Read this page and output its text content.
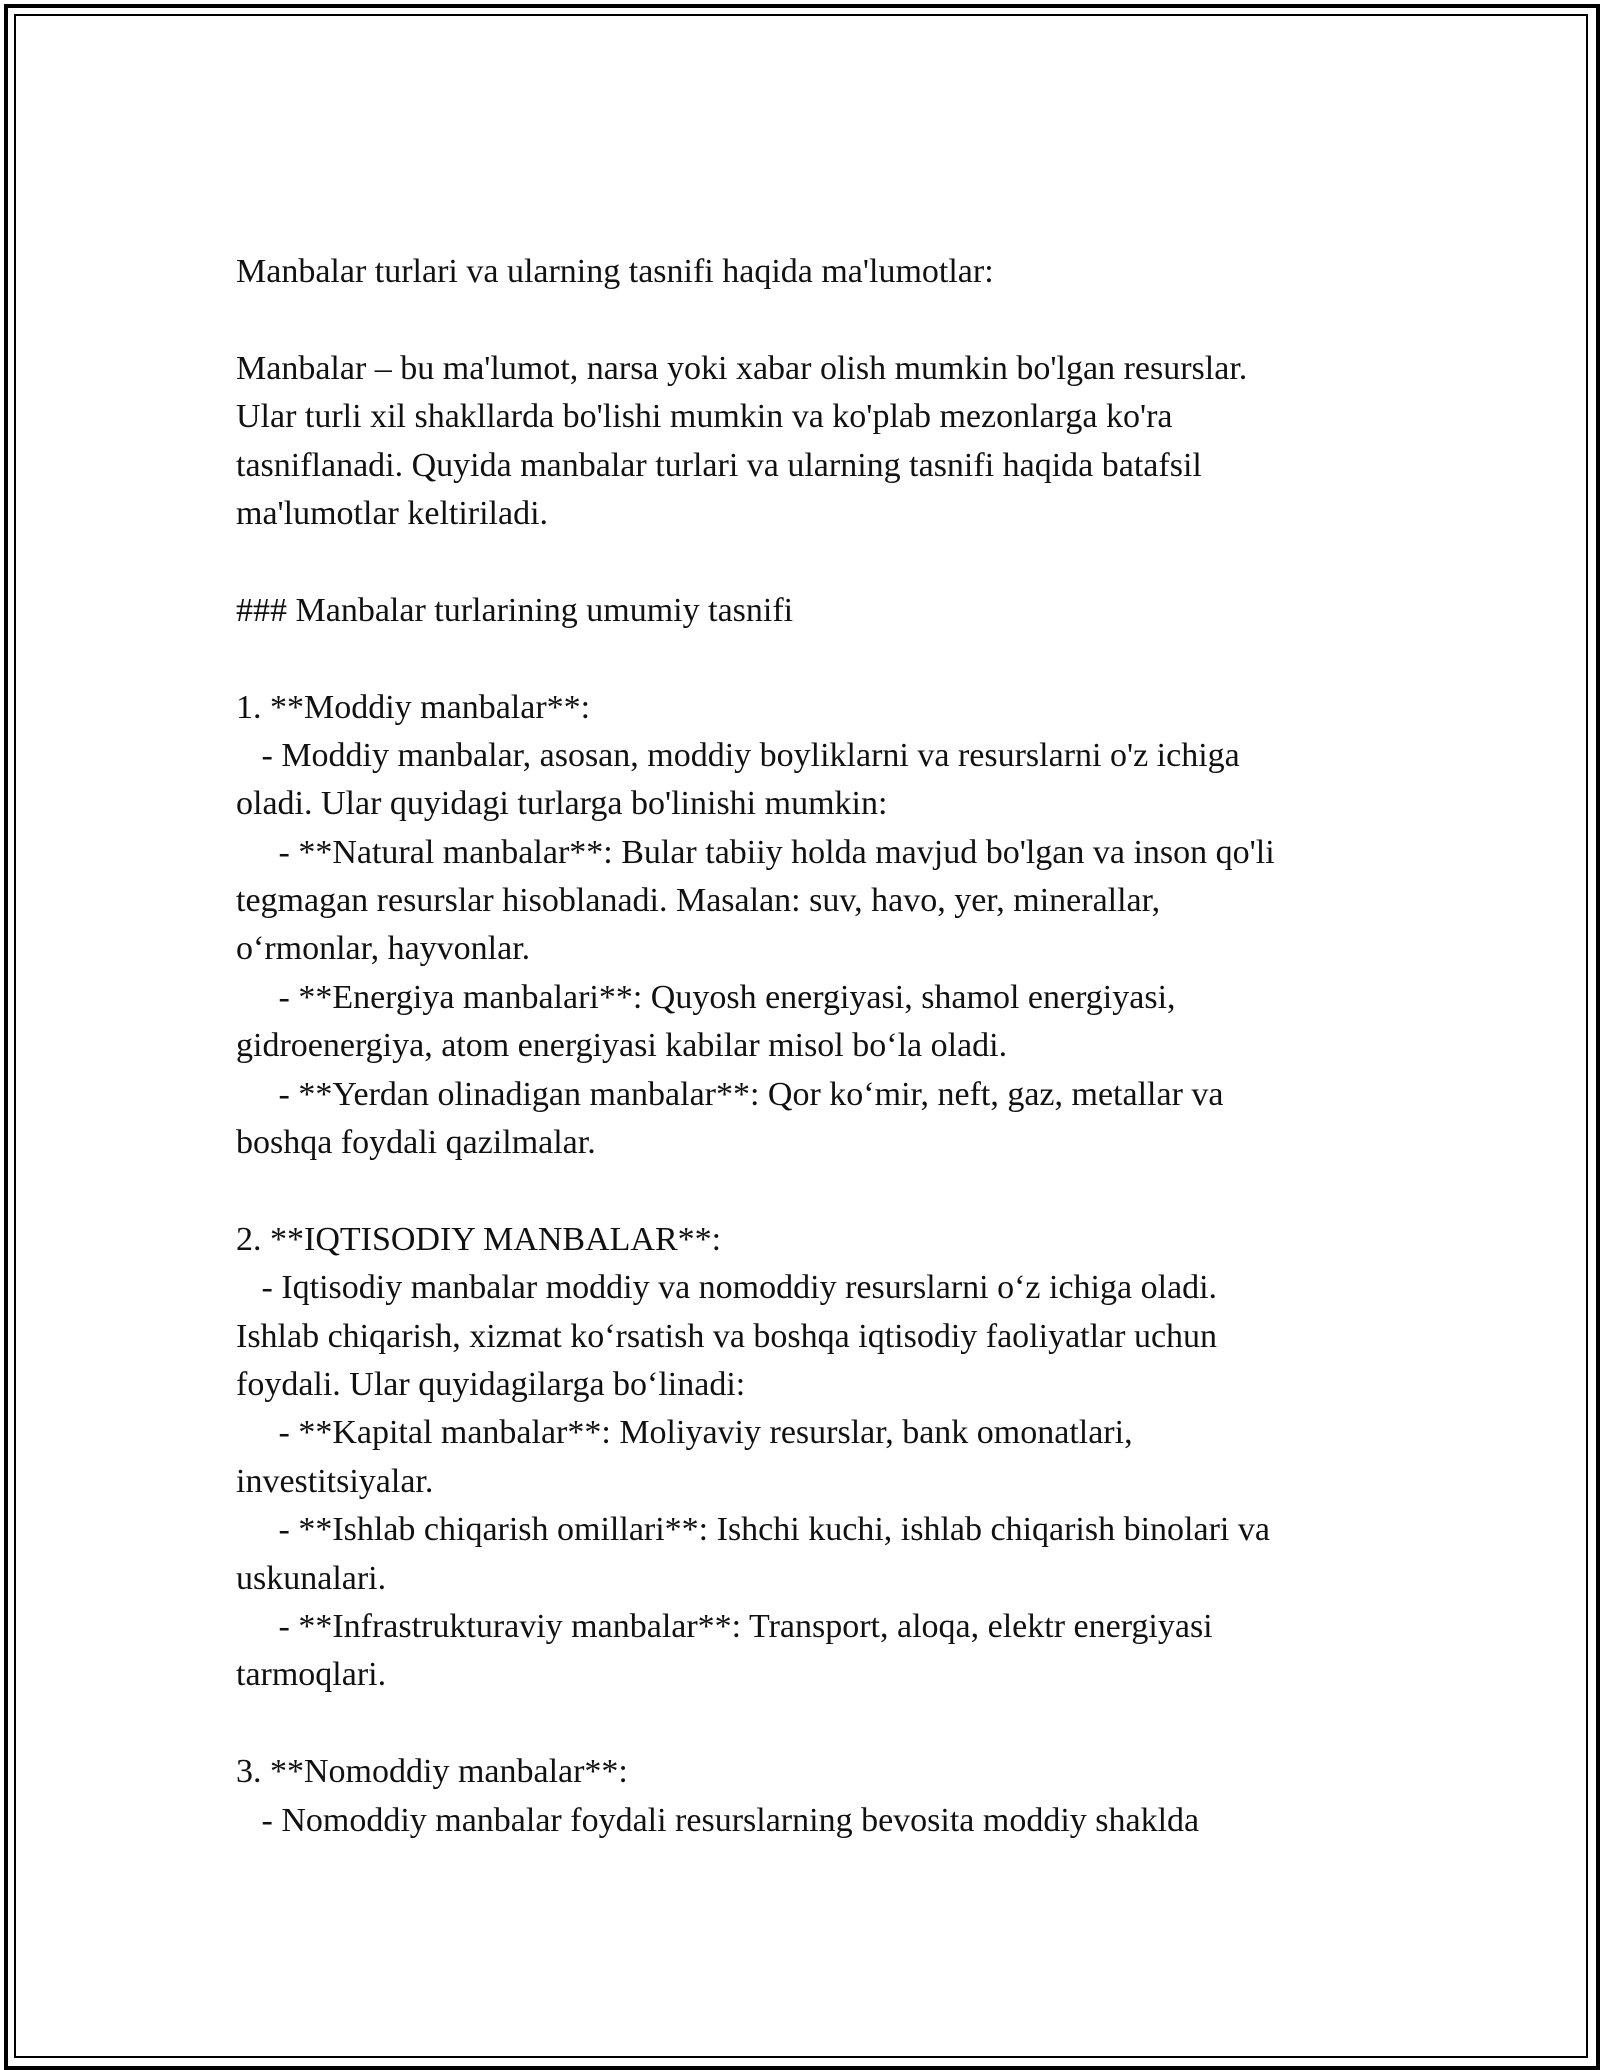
Manbalar turlari va ularning tasnifi haqida ma'lumotlar:
Manbalar – bu ma'lumot, narsa yoki xabar olish mumkin bo'lgan resurslar.
Ular turli xil shakllarda bo'lishi mumkin va ko'plab mezonlarga ko'ra
tasniflanadi. Quyida manbalar turlari va ularning tasnifi haqida batafsil
ma'lumotlar keltiriladi.
### Manbalar turlarining umumiy tasnifi
1. **Moddiy manbalar**:
- Moddiy manbalar, asosan, moddiy boyliklarni va resurslarni o'z ichiga
oladi. Ular quyidagi turlarga bo'linishi mumkin:
- **Natural manbalar**: Bular tabiiy holda mavjud bo'lgan va inson qo'li
tegmagan resurslar hisoblanadi. Masalan: suv, havo, yer, minerallar,
o‘rmonlar, hayvonlar.
- **Energiya manbalari**: Quyosh energiyasi, shamol energiyasi,
gidroenergiya, atom energiyasi kabilar misol bo‘la oladi.
- **Yerdan olinadigan manbalar**: Qor ko‘mir, neft, gaz, metallar va
boshqa foydali qazilmalar.
2. **IQTISODIY MANBALAR**:
- Iqtisodiy manbalar moddiy va nomoddiy resurslarni o‘z ichiga oladi.
Ishlab chiqarish, xizmat ko‘rsatish va boshqa iqtisodiy faoliyatlar uchun
foydali. Ular quyidagilarga bo‘linadi:
- **Kapital manbalar**: Moliyaviy resurslar, bank omonatlari,
investitsiyalar.
- **Ishlab chiqarish omillari**: Ishchi kuchi, ishlab chiqarish binolari va
uskunalari.
- **Infrastrukturaviy manbalar**: Transport, aloqa, elektr energiyasi
tarmoqlari.
3. **Nomoddiy manbalar**:
- Nomoddiy manbalar foydali resurslarning bevosita moddiy shaklda
